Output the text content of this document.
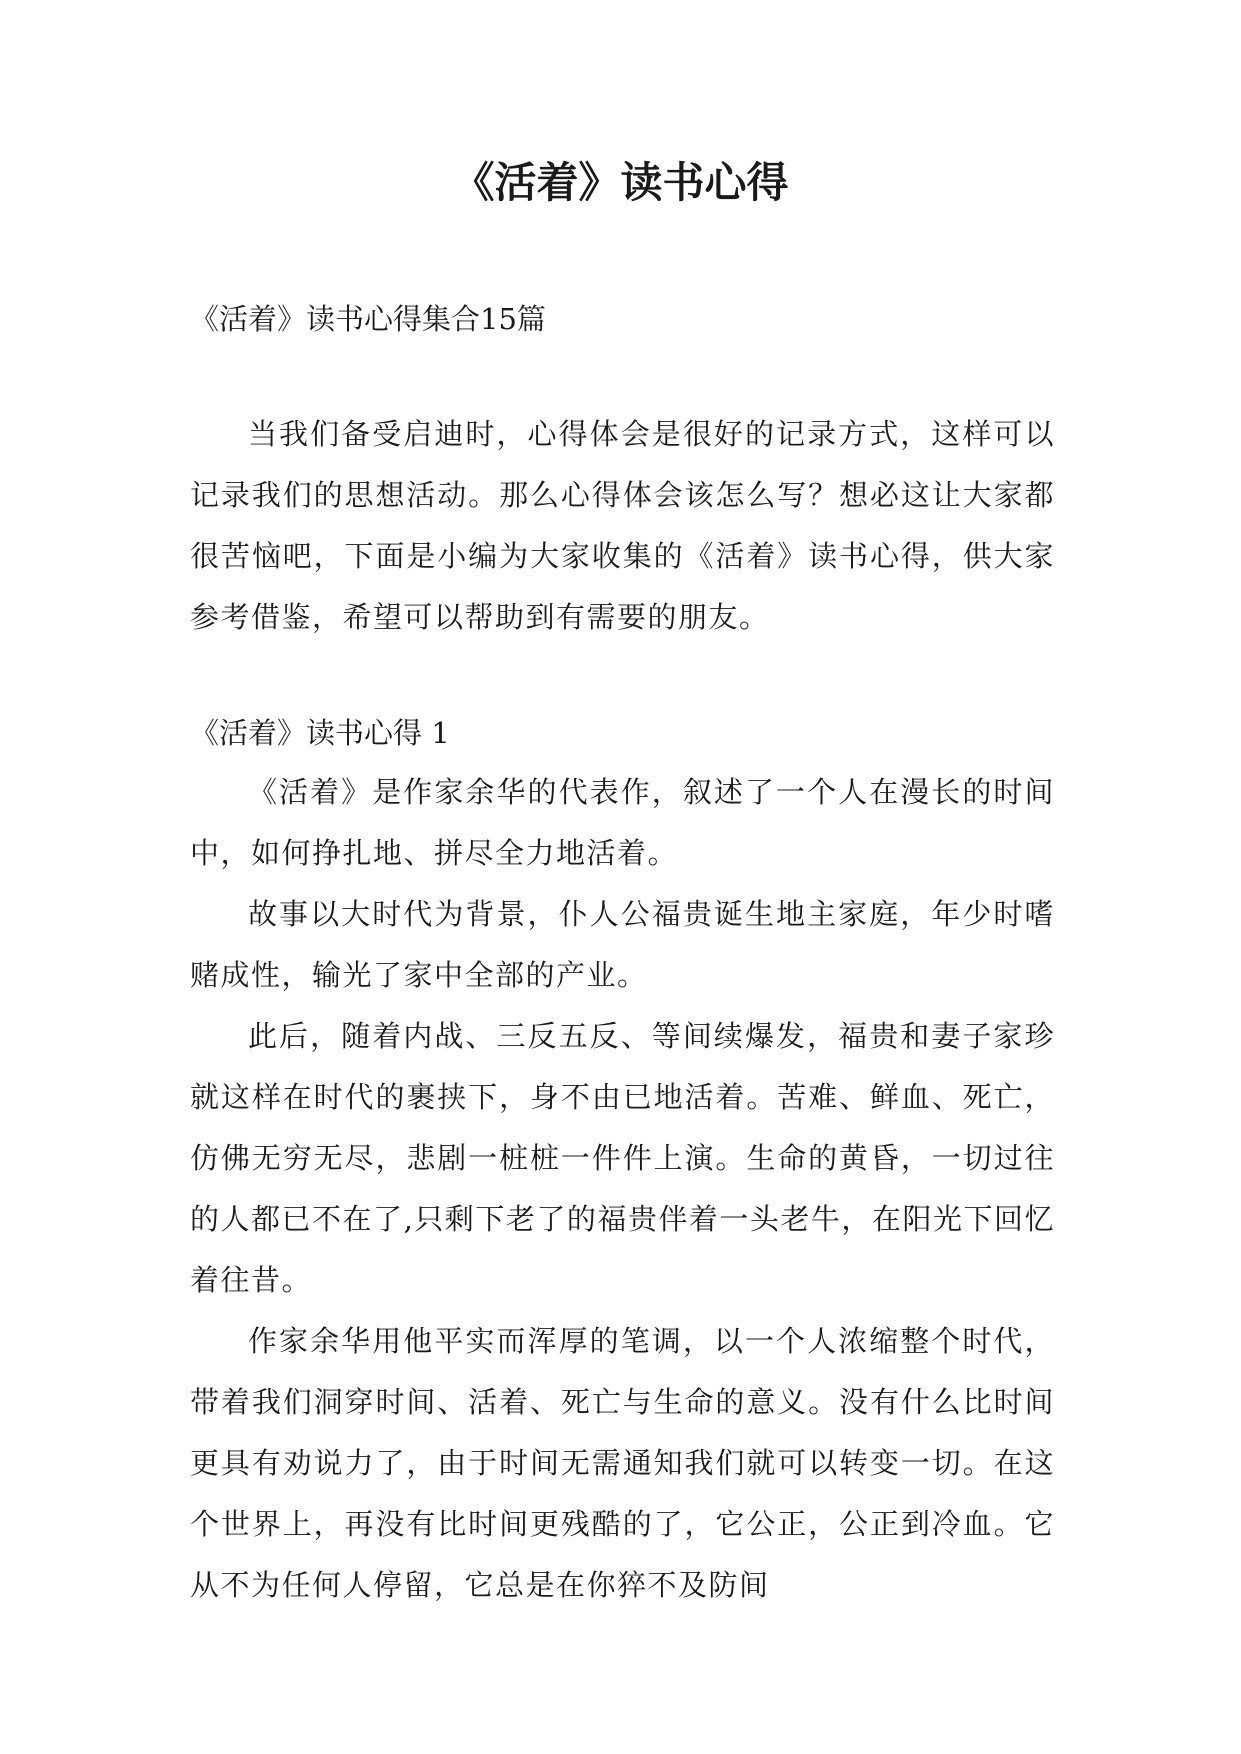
《活着》读书心得

《活着》读书心得集合15篇

当我们备受启迪时，心得体会是很好的记录方式，这样可以记录我们的思想活动。那么心得体会该怎么写？想必这让大家都很苦恼吧，下面是小编为大家收集的《活着》读书心得，供大家参考借鉴，希望可以帮助到有需要的朋友。

《活着》读书心得 1

《活着》是作家余华的代表作，叙述了一个人在漫长的时间中，如何挣扎地、拼尽全力地活着。

故事以大时代为背景，仆人公福贵诞生地主家庭，年少时嗜赌成性，输光了家中全部的产业。

此后，随着内战、三反五反、等间续爆发，福贵和妻子家珍就这样在时代的裹挟下，身不由已地活着。苦难、鲜血、死亡，仿佛无穷无尽，悲剧一桩桩一件件上演。生命的黄昏，一切过往的人都已不在了,只剩下老了的福贵伴着一头老牛，在阳光下回忆着往昔。

作家余华用他平实而浑厚的笔调，以一个人浓缩整个时代，带着我们洞穿时间、活着、死亡与生命的意义。没有什么比时间更具有劝说力了，由于时间无需通知我们就可以转变一切。在这个世界上，再没有比时间更残酷的了，它公正，公正到冷血。它从不为任何人停留，它总是在你猝不及防间
